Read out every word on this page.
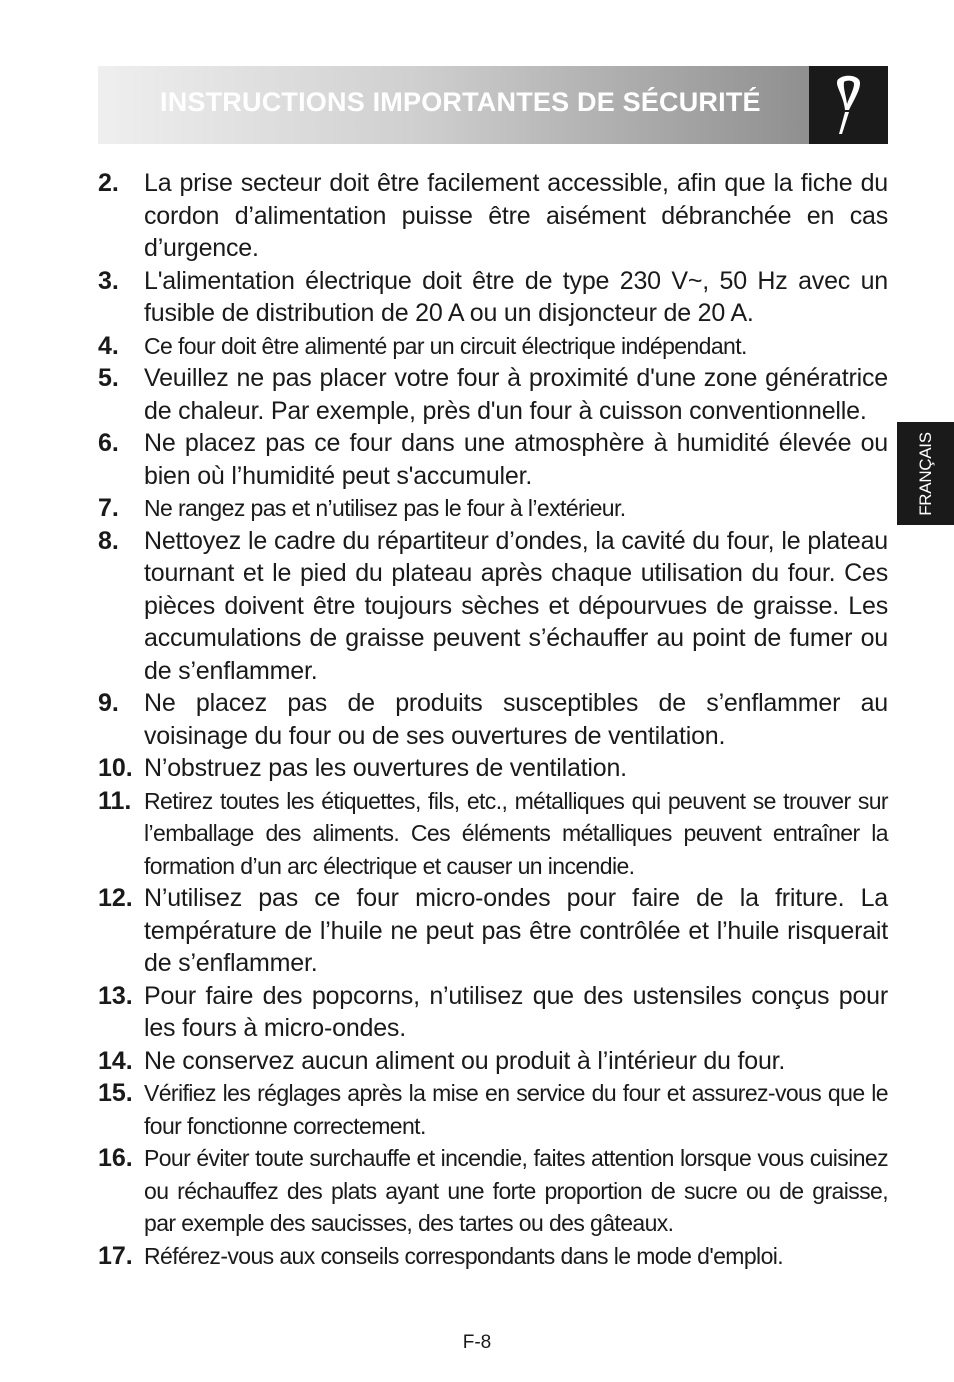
INSTRUCTIONS IMPORTANTES DE SÉCURITÉ
FRANÇAIS
2.	La prise secteur doit être facilement accessible, afin que la fiche du cordon d’alimentation puisse être aisément débranchée en cas d’urgence.
3.	L'alimentation électrique doit être de type 230 V~, 50 Hz avec un fusible de distribution de 20 A ou un disjoncteur de 20 A.
4.	Ce four doit être alimenté par un circuit électrique indépendant.
5.	Veuillez ne pas placer votre four à proximité d'une zone génératrice de chaleur. Par exemple, près d'un four à cuisson conventionnelle.
6.	Ne placez pas ce four dans une atmosphère à humidité élevée ou bien où l’humidité peut s'accumuler.
7.	Ne rangez pas et n’utilisez pas le four à l’extérieur.
8.	Nettoyez le cadre du répartiteur d’ondes, la cavité du four, le plateau tournant et le pied du plateau après chaque utilisation du four. Ces pièces doivent être toujours sèches et dépourvues de graisse. Les accumulations de graisse peuvent s’échauffer au point de fumer ou de s’enflammer.
9.	Ne placez pas de produits susceptibles de s’enflammer au voisinage du four ou de ses ouvertures de ventilation.
10. N’obstruez pas les ouvertures de ventilation.
11. Retirez toutes les étiquettes, fils, etc., métalliques qui peuvent se trouver sur l’emballage des aliments. Ces éléments métalliques peuvent entraîner la formation d’un arc électrique et causer un incendie.
12. N’utilisez pas ce four micro-ondes pour faire de la friture. La température de l’huile ne peut pas être contrôlée et l’huile risquerait de s’enflammer.
13. Pour faire des popcorns, n’utilisez que des ustensiles conçus pour les fours à micro-ondes.
14. Ne conservez aucun aliment ou produit à l’intérieur du four.
15. Vérifiez les réglages après la mise en service du four et assurez-vous que le four fonctionne correctement.
16. Pour éviter toute surchauffe et incendie, faites attention lorsque vous cuisinez ou réchauffez des plats ayant une forte proportion de sucre ou de graisse, par exemple des saucisses, des tartes ou des gâteaux.
17. Référez-vous aux conseils correspondants dans le mode d'emploi.
F-8
